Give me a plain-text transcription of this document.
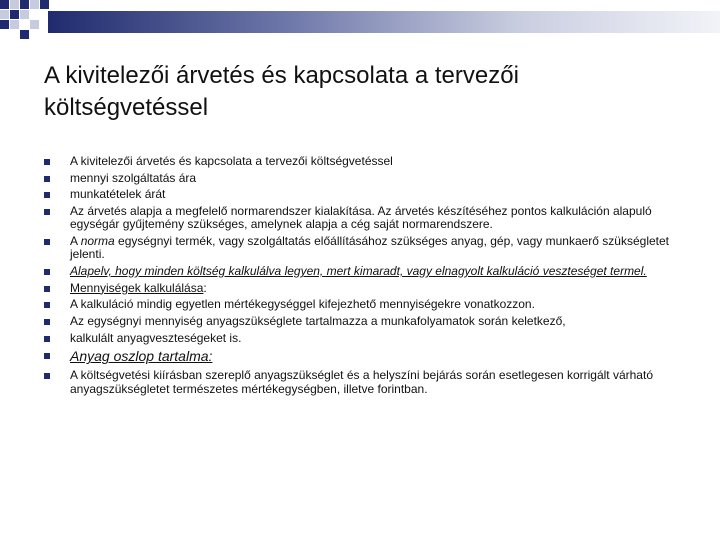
A kivitelezői árvetés és kapcsolata a tervezői költségvetéssel
A kivitelezői árvetés és kapcsolata a tervezői költségvetéssel
mennyi szolgáltatás ára
munkatételek árát
Az árvetés alapja a megfelelő normarendszer kialakítása. Az árvetés készítéséhez pontos kalkuláción alapuló egységár gyűjtemény szükséges, amelynek alapja a cég saját normarendszere.
A norma egységnyi termék, vagy szolgáltatás előállításához szükséges anyag, gép, vagy munkaerő szükségletet jelenti.
Alapelv, hogy minden költség kalkulálva legyen, mert kimaradt, vagy elnagyolt kalkuláció veszteséget termel.
Mennyiségek kalkulálása:
A kalkuláció mindig egyetlen mértékegységgel kifejezhető mennyiségekre vonatkozzon.
Az egységnyi mennyiség anyagszükséglete tartalmazza a munkafolyamatok során keletkező,
kalkulált anyagveszteségeket is.
Anyag oszlop tartalma:
A költségvetési kiírásban szereplő anyagszükséglet és a helyszíni bejárás során esetlegesen korrigált várható anyagszükségletet természetes mértékegységben, illetve forintban.
